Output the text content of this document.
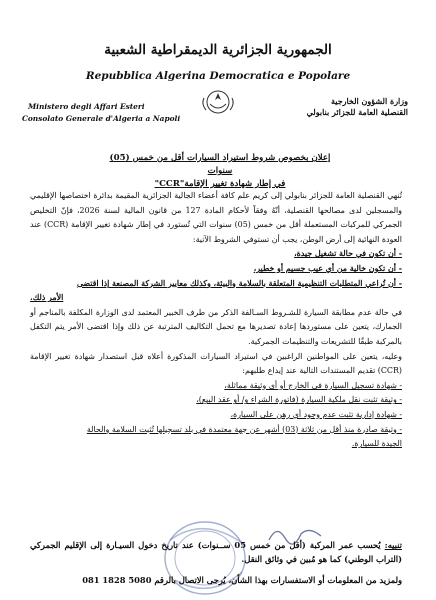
الجمهورية الجزائرية الديمقراطية الشعبية
Repubblica Algerina Democratica e Popolare
وزارة الشؤون الخارجية
القنصلية العامة للجزائر بنابولي
Ministero degli Affari Esteri
Consolato Generale d'Algeria a Napoli
إعلان بخصوص شروط استيراد السيارات أقل من خمس (05) سنوات
في إطار شهادة تغيير الإقامة"CCR"

تُنهي القنصلية العامة للجزائر بنابولي إلى كريم علم كافة أعضاء الجالية الجزائرية المقيمة بدائرة اختصاصها الإقليمي والمسجلين لدى مصالحها القنصلية، أنّهُ وفقاً لأحكام المادة 127 من قانون المالية لسنة 2026، فإنّ التخليص الجمركي للمركبات المستعملة أقل من خمس (05) سنوات التي تُستورد في إطار شهادة تغيير الإقامة (CCR) عند العودة النهائية إلى أرض الوطن، يجب أن تستوفي الشروط الآتية:

- أن تكون في حالة تشغيل جيدة،

- أن تكون خالية من أي عيب جسيم أو خطير،

- أن تُراعي المتطلبات التنظيمية المتعلقة بالسلامة والبيئة، وكذلك معايير الشركة المصنعة إذا اقتضى

الأمر ذلك.

في حالة عدم مطابقة السيارة للشـروط السـالفة الذكر من طرف الخبير المعتمد لدى الوزارة المكلفة بالمناجم أو الجمارك، يتعين على مستوردها إعادة تصديرها مع تحمل التكاليف المترتبة عن ذلك وإذا اقتضى الأمر يتم التكفل بالمركبة طبقًا للتشريعات والتنظيمات الجمركية.

وعليه، يتعين على المواطنين الراغبين في استيراد السيارات المذكورة أعلاه قبل استصدار شهادة تغيير الإقامة (CCR) تقديم المستندات التالية عند إيداع طلبهم:

- شهادة تسجيل السيارة في الخارج أو أي وثيقة مماثلة،

- وثيقة تثبت نقل ملكية السيارة (فاتورة الشراء و/ أو عقد البيع)،

- شهادة إدارية تثبت عدم وجود أي رهن على السيارة،

- وثيقة صادرة منذ أقل من ثلاثة (03) أشهر عن جهة معتمدة في بلد تسجيلها تُثبت السلامة والحالة

الجيدة للسيارة.

تنبيه: يُحسب عمر المركبة (أقل من خمس 05 ســنوات) عند تاريخ دخول السيـارة إلى الإقليم الجمركي (التراب الوطني) كما هو مُبين في وثائق النقل.
ولمزيد من المعلومات أو الاستفسارات بهذا الشأن، يُرجى الاتصال بالرقم 081 1828 5080
